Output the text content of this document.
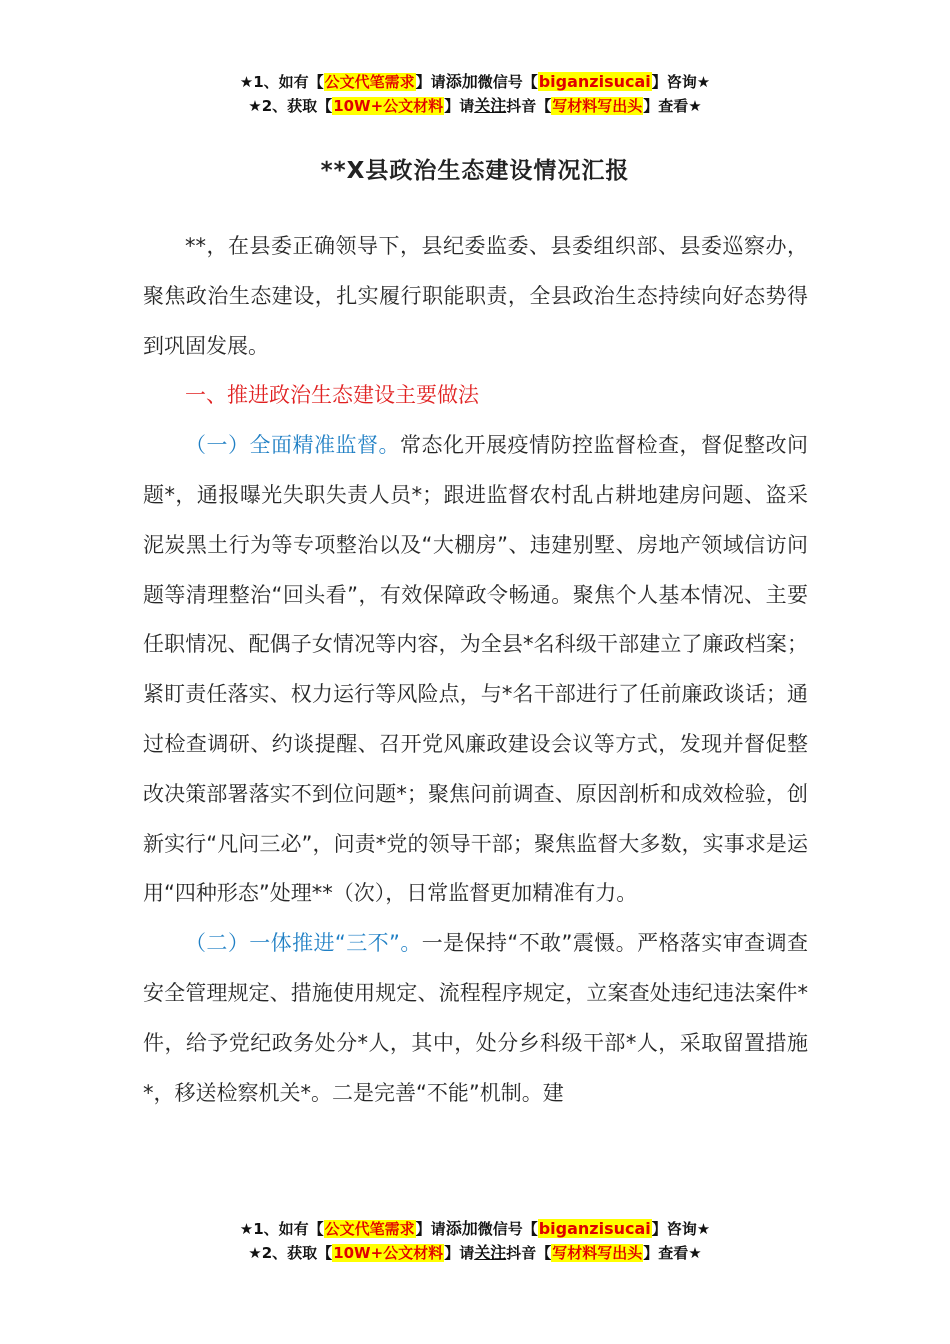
★1、如有【公文代笔需求】请添加微信号【biganzisucai】咨询★
★2、获取【10W+公文材料】请关注抖音【写材料写出头】查看★
**X县政治生态建设情况汇报

**，在县委正确领导下，县纪委监委、县委组织部、县委巡察办，聚焦政治生态建设，扎实履行职能职责，全县政治生态持续向好态势得到巩固发展。

一、推进政治生态建设主要做法

（一）全面精准监督。常态化开展疫情防控监督检查，督促整改问题*，通报曝光失职失责人员*；跟进监督农村乱占耕地建房问题、盗采泥炭黑土行为等专项整治以及“大棚房”、违建别墅、房地产领域信访问题等清理整治“回头看”，有效保障政令畅通。聚焦个人基本情况、主要任职情况、配偶子女情况等内容，为全县*名科级干部建立了廉政档案；紧盯责任落实、权力运行等风险点，与*名干部进行了任前廉政谈话；通过检查调研、约谈提醒、召开党风廉政建设会议等方式，发现并督促整改决策部署落实不到位问题*；聚焦问前调查、原因剖析和成效检验，创新实行“凡问三必”，问责*党的领导干部；聚焦监督大多数，实事求是运用“四种形态”处理**（次），日常监督更加精准有力。

（二）一体推进“三不”。一是保持“不敢”震慑。严格落实审查调查安全管理规定、措施使用规定、流程程序规定，立案查处违纪违法案件*件，给予党纪政务处分*人，其中，处分乡科级干部*人，采取留置措施*，移送检察机关*。二是完善“不能”机制。建

★1、如有【公文代笔需求】请添加微信号【biganzisucai】咨询★
★2、获取【10W+公文材料】请关注抖音【写材料写出头】查看★
